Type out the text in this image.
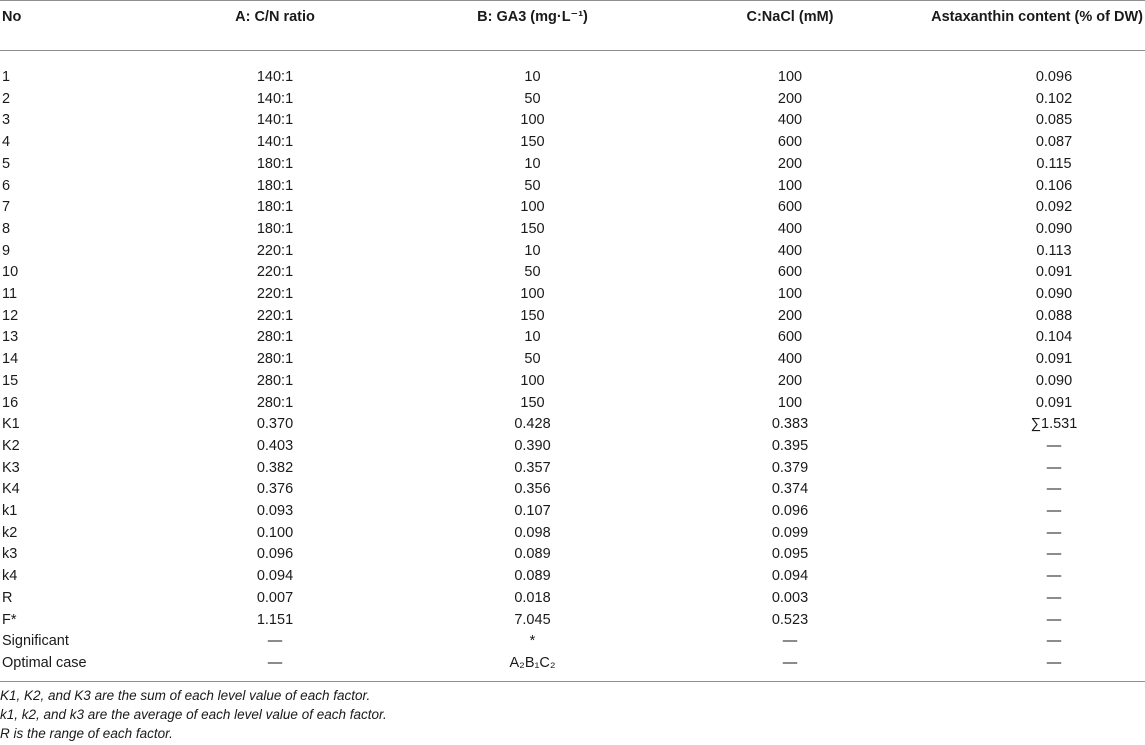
No	A: C/N ratio	B: GA3 (mg·L⁻¹)	C:NaCl (mM)	Astaxanthin content (% of DW)
1	140:1	10	100	0.096
2	140:1	50	200	0.102
3	140:1	100	400	0.085
4	140:1	150	600	0.087
5	180:1	10	200	0.115
6	180:1	50	100	0.106
7	180:1	100	600	0.092
8	180:1	150	400	0.090
9	220:1	10	400	0.113
10	220:1	50	600	0.091
11	220:1	100	100	0.090
12	220:1	150	200	0.088
13	280:1	10	600	0.104
14	280:1	50	400	0.091
15	280:1	100	200	0.090
16	280:1	150	100	0.091
K1	0.370	0.428	0.383	∑1.531
K2	0.403	0.390	0.395	—
K3	0.382	0.357	0.379	—
K4	0.376	0.356	0.374	—
k1	0.093	0.107	0.096	—
k2	0.100	0.098	0.099	—
k3	0.096	0.089	0.095	—
k4	0.094	0.089	0.094	—
R	0.007	0.018	0.003	—
F*	1.151	7.045	0.523	—
Significant	—	*	—	—
Optimal case	—	A₂B₁C₂	—	—
K1, K2, and K3 are the sum of each level value of each factor.
k1, k2, and k3 are the average of each level value of each factor.
R is the range of each factor.
